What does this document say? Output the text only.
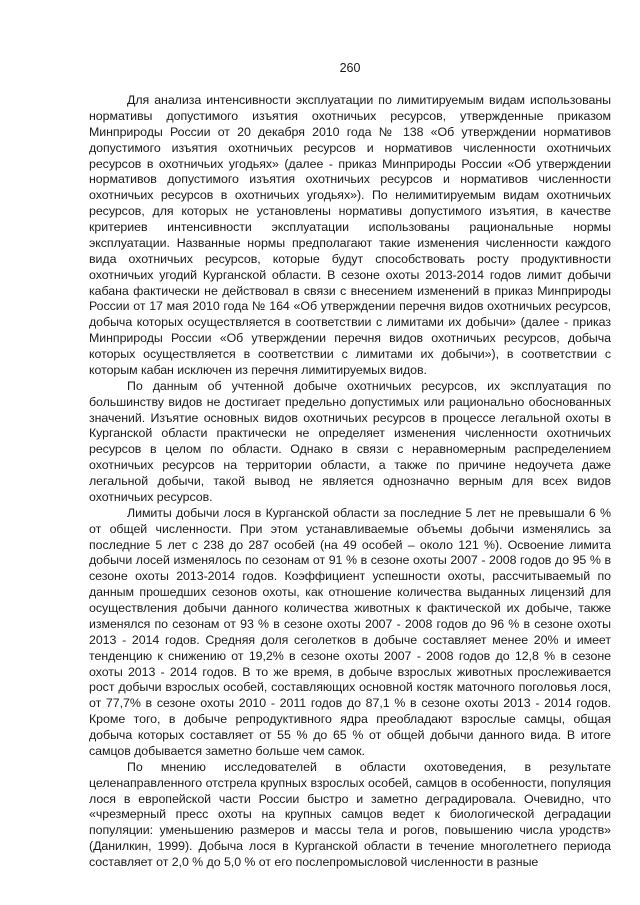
260

Для анализа интенсивности эксплуатации по лимитируемым видам использованы нормативы допустимого изъятия охотничьих ресурсов, утвержденные приказом Минприроды России от 20 декабря 2010 года № 138 «Об утверждении нормативов допустимого изъятия охотничьих ресурсов и нормативов численности охотничьих ресурсов в охотничьих угодьях» (далее - приказ Минприроды России «Об утверждении нормативов допустимого изъятия охотничьих ресурсов и нормативов численности охотничьих ресурсов в охотничьих угодьях»). По нелимитируемым видам охотничьих ресурсов, для которых не установлены нормативы допустимого изъятия, в качестве критериев интенсивности эксплуатации использованы рациональные нормы эксплуатации. Названные нормы предполагают такие изменения численности каждого вида охотничьих ресурсов, которые будут способствовать росту продуктивности охотничьих угодий Курганской области. В сезоне охоты 2013-2014 годов лимит добычи кабана фактически не действовал в связи с внесением изменений в приказ Минприроды России от 17 мая 2010 года № 164 «Об утверждении перечня видов охотничьих ресурсов, добыча которых осуществляется в соответствии с лимитами их добычи» (далее - приказ Минприроды России «Об утверждении перечня видов охотничьих ресурсов, добыча которых осуществляется в соответствии с лимитами их добычи»), в соответствии с которым кабан исключен из перечня лимитируемых видов.

По данным об учтенной добыче охотничьих ресурсов, их эксплуатация по большинству видов не достигает предельно допустимых или рационально обоснованных значений. Изъятие основных видов охотничьих ресурсов в процессе легальной охоты в Курганской области практически не определяет изменения численности охотничьих ресурсов в целом по области. Однако в связи с неравномерным распределением охотничьих ресурсов на территории области, а также по причине недоучета даже легальной добычи, такой вывод не является однозначно верным для всех видов охотничьих ресурсов.

Лимиты добычи лося в Курганской области за последние 5 лет не превышали 6 % от общей численности. При этом устанавливаемые объемы добычи изменялись за последние 5 лет с 238 до 287 особей (на 49 особей – около 121 %). Освоение лимита добычи лосей изменялось по сезонам от 91 % в сезоне охоты 2007 - 2008 годов до 95 % в сезоне охоты 2013-2014 годов. Коэффициент успешности охоты, рассчитываемый по данным прошедших сезонов охоты, как отношение количества выданных лицензий для осуществления добычи данного количества животных к фактической их добыче, также изменялся по сезонам от 93 % в сезоне охоты 2007 - 2008 годов до 96 % в сезоне охоты 2013 - 2014 годов. Средняя доля сеголетков в добыче составляет менее 20% и имеет тенденцию к снижению от 19,2% в сезоне охоты 2007 - 2008 годов до 12,8 % в сезоне охоты 2013 - 2014 годов. В то же время, в добыче взрослых животных прослеживается рост добычи взрослых особей, составляющих основной костяк маточного поголовья лося, от 77,7% в сезоне охоты 2010 - 2011 годов до 87,1 % в сезоне охоты 2013 - 2014 годов. Кроме того, в добыче репродуктивного ядра преобладают взрослые самцы, общая добыча которых составляет от 55 % до 65 % от общей добычи данного вида. В итоге самцов добывается заметно больше чем самок.

По мнению исследователей в области охотоведения, в результате целенаправленного отстрела крупных взрослых особей, самцов в особенности, популяция лося в европейской части России быстро и заметно деградировала. Очевидно, что «чрезмерный пресс охоты на крупных самцов ведет к биологической деградации популяции: уменьшению размеров и массы тела и рогов, повышению числа уродств» (Данилкин, 1999). Добыча лося в Курганской области в течение многолетнего периода составляет от 2,0 % до 5,0 % от его послепромысловой численности в разные
